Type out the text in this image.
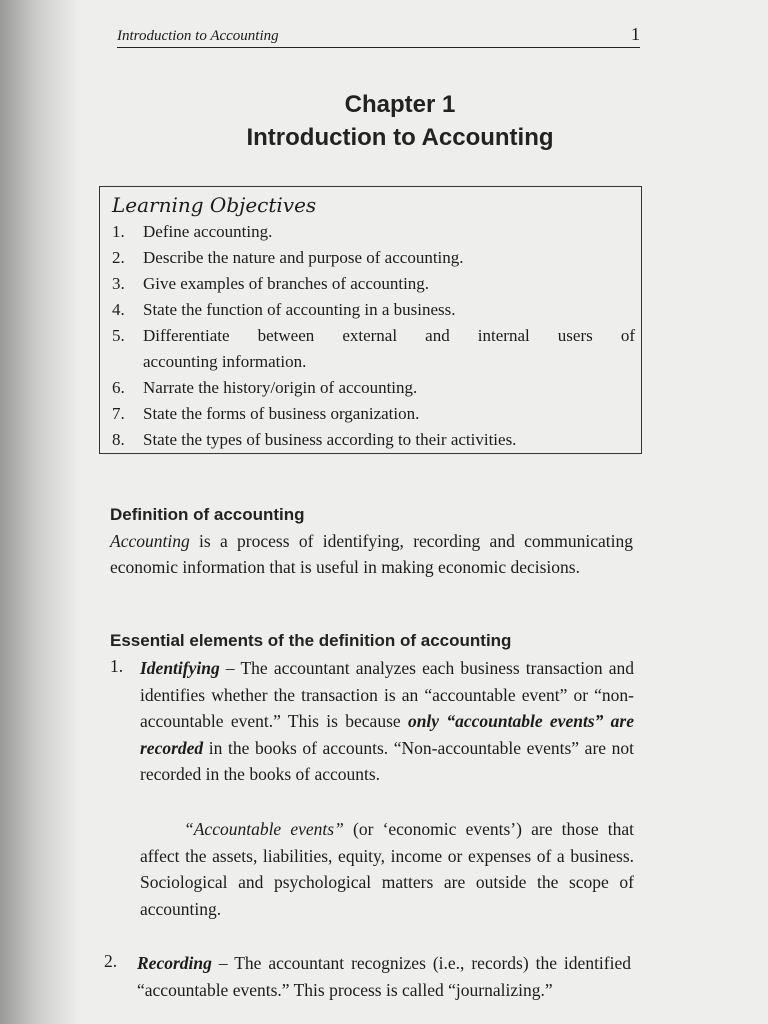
Introduction to Accounting	1
Chapter 1
Introduction to Accounting
Learning Objectives
1.	Define accounting.
2.	Describe the nature and purpose of accounting.
3.	Give examples of branches of accounting.
4.	State the function of accounting in a business.
5.	Differentiate between external and internal users of
accounting information.
6.	Narrate the history/origin of accounting.
7.	State the forms of business organization.
8.	State the types of business according to their activities.
Definition of accounting
Accounting is a process of identifying, recording and communicating economic information that is useful in making economic decisions.
Essential elements of the definition of accounting
1. Identifying – The accountant analyzes each business transaction and identifies whether the transaction is an “accountable event” or “non-accountable event.” This is because only “accountable events” are recorded in the books of accounts. “Non-accountable events” are not recorded in the books of accounts.
“Accountable events” (or ‘economic events’) are those that affect the assets, liabilities, equity, income or expenses of a business. Sociological and psychological matters are outside the scope of accounting.
2. Recording – The accountant recognizes (i.e., records) the identified “accountable events.” This process is called “journalizing.”
